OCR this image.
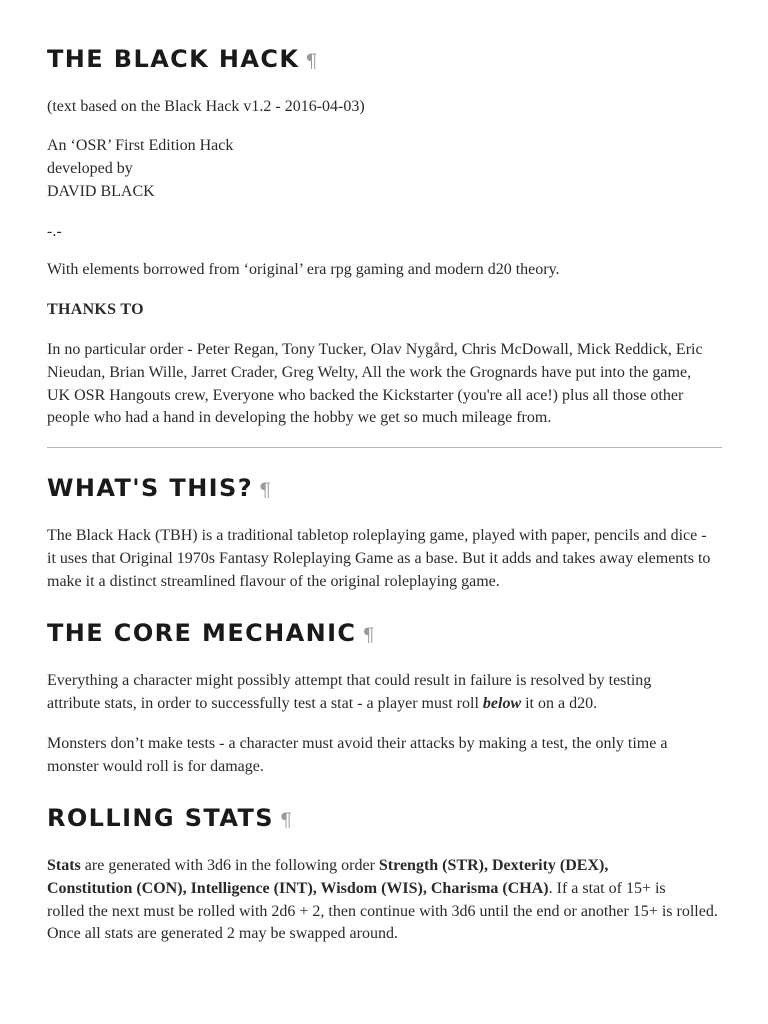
THE BLACK HACK ¶

(text based on the Black Hack v1.2 - 2016-04-03)

An ‘OSR’ First Edition Hack
developed by
DAVID BLACK

-.-

With elements borrowed from ‘original’ era rpg gaming and modern d20 theory.

THANKS TO

In no particular order - Peter Regan, Tony Tucker, Olav Nygård, Chris McDowall, Mick Reddick, Eric
Nieudan, Brian Wille, Jarret Crader, Greg Welty, All the work the Grognards have put into the game,
UK OSR Hangouts crew, Everyone who backed the Kickstarter (you're all ace!) plus all those other
people who had a hand in developing the hobby we get so much mileage from.

WHAT'S THIS? ¶

The Black Hack (TBH) is a traditional tabletop roleplaying game, played with paper, pencils and dice -
it uses that Original 1970s Fantasy Roleplaying Game as a base. But it adds and takes away elements to
make it a distinct streamlined flavour of the original roleplaying game.

THE CORE MECHANIC ¶

Everything a character might possibly attempt that could result in failure is resolved by testing
attribute stats, in order to successfully test a stat - a player must roll below it on a d20.

Monsters don’t make tests - a character must avoid their attacks by making a test, the only time a
monster would roll is for damage.

ROLLING STATS ¶

Stats are generated with 3d6 in the following order Strength (STR), Dexterity (DEX),
Constitution (CON), Intelligence (INT), Wisdom (WIS), Charisma (CHA). If a stat of 15+ is
rolled the next must be rolled with 2d6 + 2, then continue with 3d6 until the end or another 15+ is rolled.
Once all stats are generated 2 may be swapped around.
